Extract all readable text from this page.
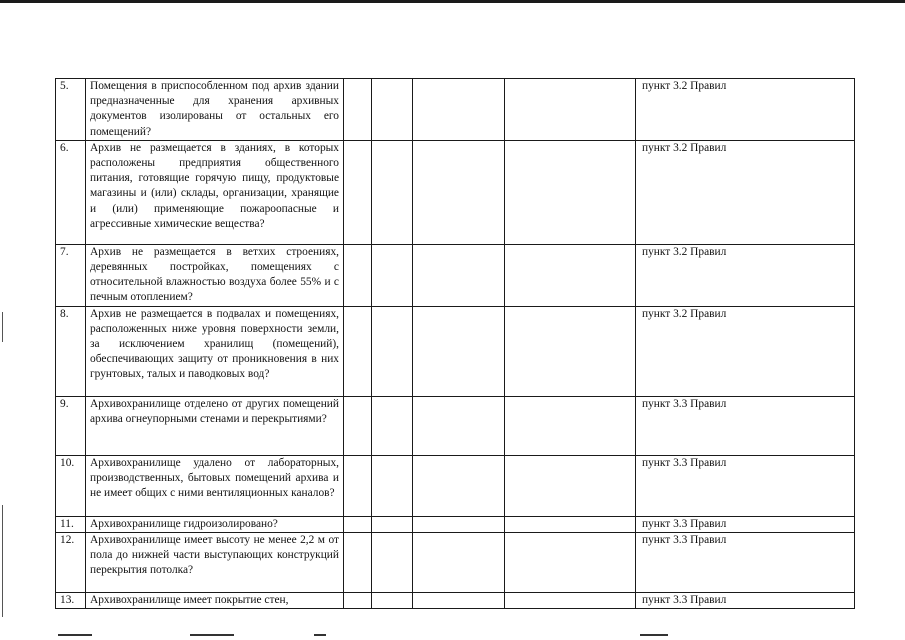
5.	Помещения в приспособленном под архив здании предназначенные для хранения архивных документов изолированы от остальных его помещений?					пункт 3.2 Правил
6.	Архив не размещается в зданиях, в которых расположены предприятия общественного питания, готовящие горячую пищу, продуктовые магазины и (или) склады, организации, хранящие и (или) применяющие пожароопасные и агрессивные химические вещества?					пункт 3.2 Правил
7.	Архив не размещается в ветхих строениях, деревянных постройках, помещениях с относительной влажностью воздуха более 55% и с печным отоплением?					пункт 3.2 Правил
8.	Архив не размещается в подвалах и помещениях, расположенных ниже уровня поверхности земли, за исключением хранилищ (помещений), обеспечивающих защиту от проникновения в них грунтовых, талых и паводковых вод?					пункт 3.2 Правил
9.	Архивохранилище отделено от других помещений архива огнеупорными стенами и перекрытиями?					пункт 3.3 Правил
10.	Архивохранилище удалено от лабораторных, производственных, бытовых помещений архива и не имеет общих с ними вентиляционных каналов?					пункт 3.3 Правил
11.	Архивохранилище гидроизолировано?					пункт 3.3 Правил
12.	Архивохранилище имеет высоту не менее 2,2 м от пола до нижней части выступающих конструкций перекрытия потолка?					пункт 3.3 Правил
13.	Архивохранилище имеет покрытие стен,					пункт 3.3 Правил
